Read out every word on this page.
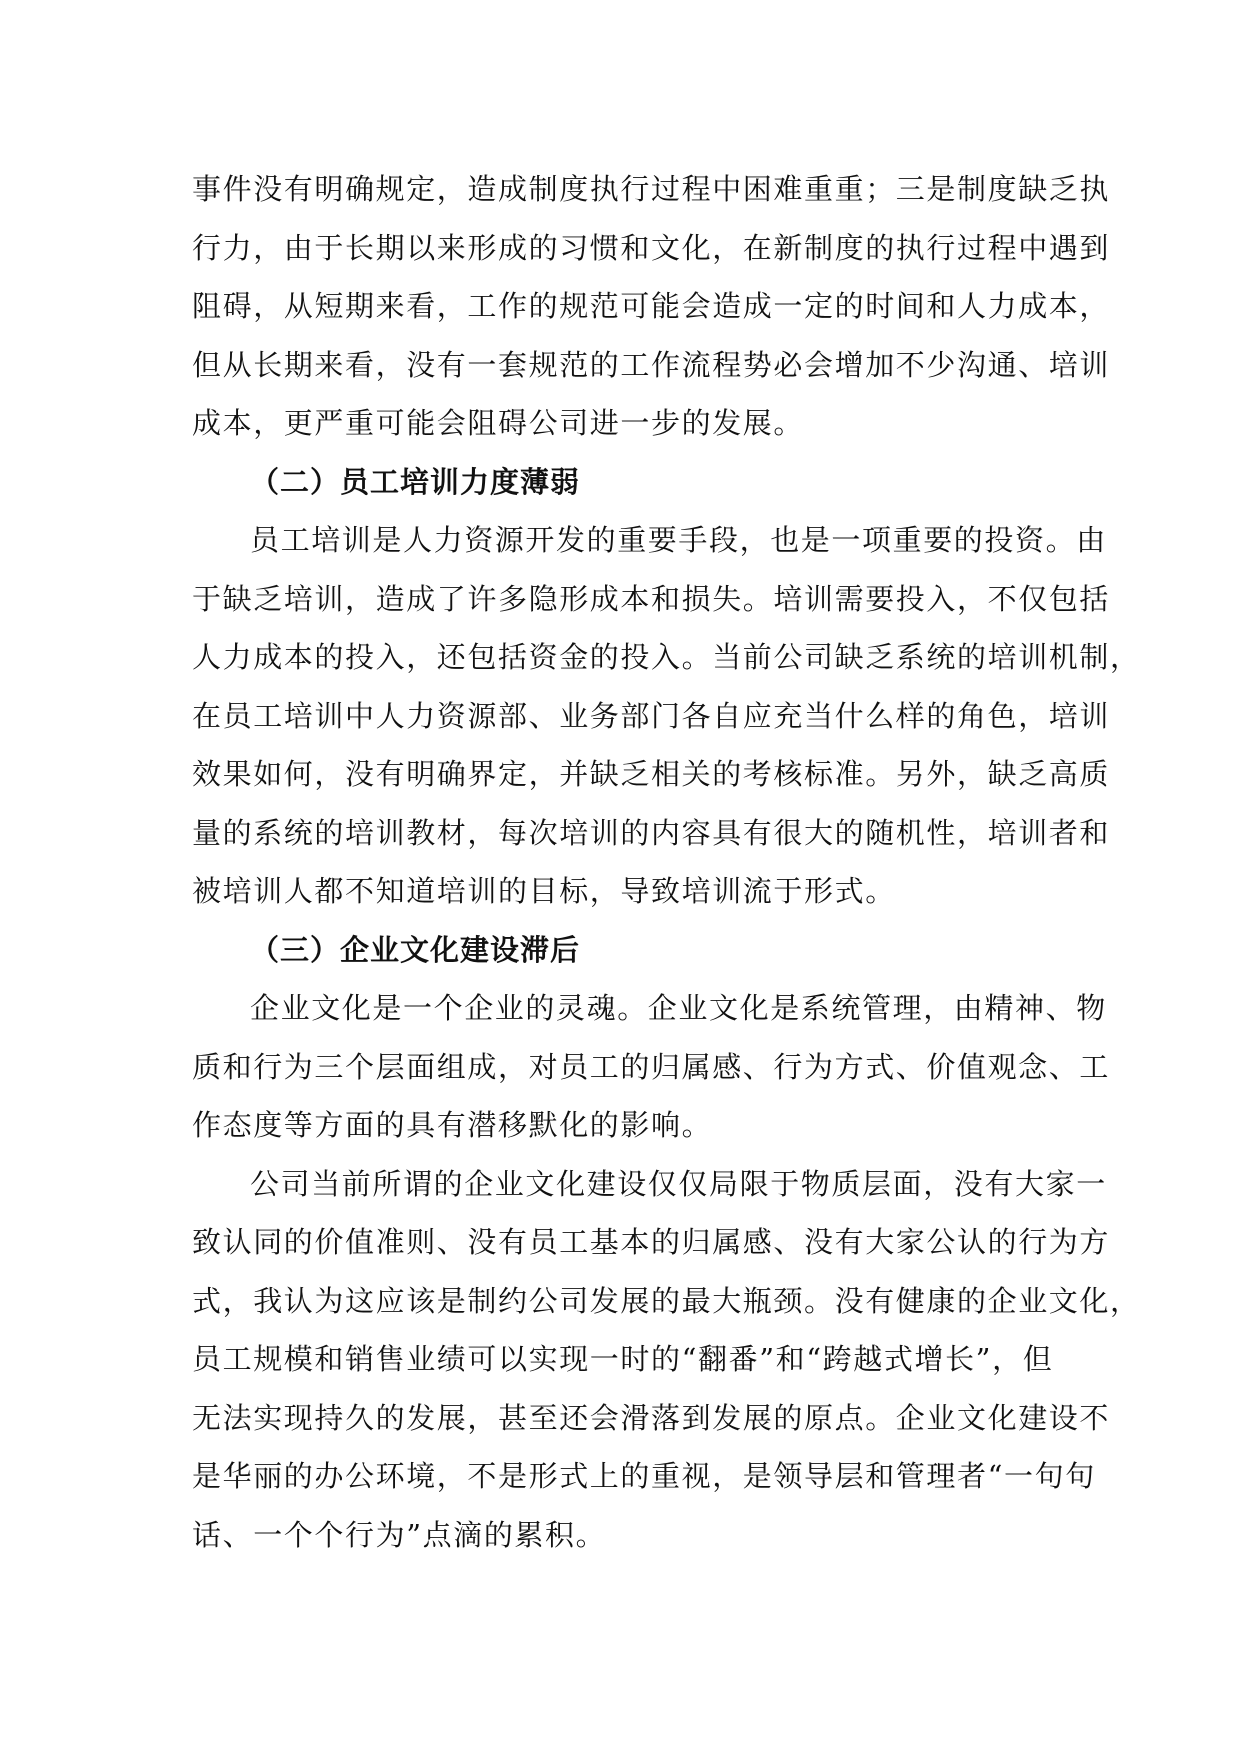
事件没有明确规定，造成制度执行过程中困难重重；三是制度缺乏执
行力，由于长期以来形成的习惯和文化，在新制度的执行过程中遇到
阻碍，从短期来看，工作的规范可能会造成一定的时间和人力成本，
但从长期来看，没有一套规范的工作流程势必会增加不少沟通、培训
成本，更严重可能会阻碍公司进一步的发展。
（二）员工培训力度薄弱
员工培训是人力资源开发的重要手段，也是一项重要的投资。由
于缺乏培训，造成了许多隐形成本和损失。培训需要投入，不仅包括
人力成本的投入，还包括资金的投入。当前公司缺乏系统的培训机制，
在员工培训中人力资源部、业务部门各自应充当什么样的角色，培训
效果如何，没有明确界定，并缺乏相关的考核标准。另外，缺乏高质
量的系统的培训教材，每次培训的内容具有很大的随机性，培训者和
被培训人都不知道培训的目标，导致培训流于形式。
（三）企业文化建设滞后
企业文化是一个企业的灵魂。企业文化是系统管理，由精神、物
质和行为三个层面组成，对员工的归属感、行为方式、价值观念、工
作态度等方面的具有潜移默化的影响。
公司当前所谓的企业文化建设仅仅局限于物质层面，没有大家一
致认同的价值准则、没有员工基本的归属感、没有大家公认的行为方
式，我认为这应该是制约公司发展的最大瓶颈。没有健康的企业文化，
员工规模和销售业绩可以实现一时的“翻番”和“跨越式增长”，但
无法实现持久的发展，甚至还会滑落到发展的原点。企业文化建设不
是华丽的办公环境，不是形式上的重视，是领导层和管理者“一句句
话、一个个行为”点滴的累积。
